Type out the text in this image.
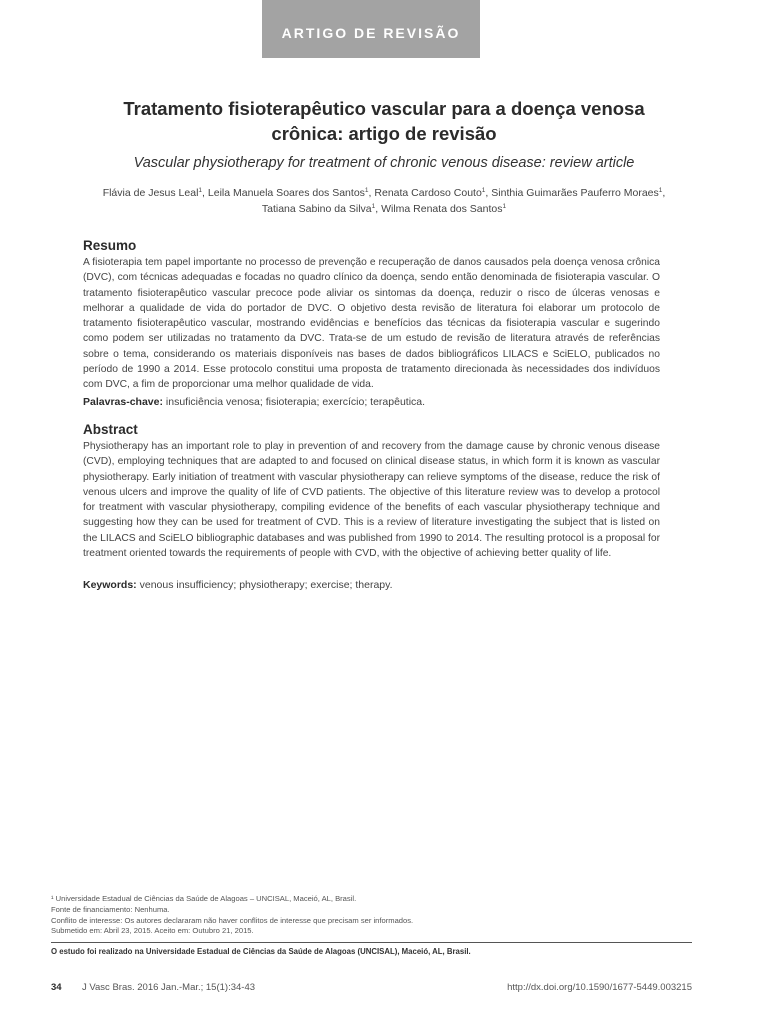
ARTIGO DE REVISÃO
Tratamento fisioterapêutico vascular para a doença venosa crônica: artigo de revisão
Vascular physiotherapy for treatment of chronic venous disease: review article
Flávia de Jesus Leal$^1$, Leila Manuela Soares dos Santos$^1$, Renata Cardoso Couto$^1$, Sinthia Guimarães Pauferro Moraes$^1$,
Tatiana Sabino da Silva$^1$, Wilma Renata dos Santos$^1$
Resumo

A fisioterapia tem papel importante no processo de prevenção e recuperação de danos causados pela doença venosa crônica (DVC), com técnicas adequadas e focadas no quadro clínico da doença, sendo então denominada de fisioterapia vascular. O tratamento fisioterapêutico vascular precoce pode aliviar os sintomas da doença, reduzir o risco de úlceras venosas e melhorar a qualidade de vida do portador de DVC. O objetivo desta revisão de literatura foi elaborar um protocolo de tratamento fisioterapêutico vascular, mostrando evidências e benefícios das técnicas da fisioterapia vascular e sugerindo como podem ser utilizadas no tratamento da DVC. Trata-se de um estudo de revisão de literatura através de referências sobre o tema, considerando os materiais disponíveis nas bases de dados bibliográficos LILACS e SciELO, publicados no período de 1990 a 2014. Esse protocolo constitui uma proposta de tratamento direcionada às necessidades dos indivíduos com DVC, a fim de proporcionar uma melhor qualidade de vida.

Palavras-chave: insuficiência venosa; fisioterapia; exercício; terapêutica.
Abstract

Physiotherapy has an important role to play in prevention of and recovery from the damage cause by chronic venous disease (CVD), employing techniques that are adapted to and focused on clinical disease status, in which form it is known as vascular physiotherapy. Early initiation of treatment with vascular physiotherapy can relieve symptoms of the disease, reduce the risk of venous ulcers and improve the quality of life of CVD patients. The objective of this literature review was to develop a protocol for treatment with vascular physiotherapy, compiling evidence of the benefits of each vascular physiotherapy technique and suggesting how they can be used for treatment of CVD. This is a review of literature investigating the subject that is listed on the LILACS and SciELO bibliographic databases and was published from 1990 to 2014. The resulting protocol is a proposal for treatment oriented towards the requirements of people with CVD, with the objective of achieving better quality of life.

Keywords: venous insufficiency; physiotherapy; exercise; therapy.
¹ Universidade Estadual de Ciências da Saúde de Alagoas – UNCISAL, Maceió, AL, Brasil.
Fonte de financiamento: Nenhuma.
Conflito de interesse: Os autores declararam não haver conflitos de interesse que precisam ser informados.
Submetido em: Abril 23, 2015. Aceito em: Outubro 21, 2015.
O estudo foi realizado na Universidade Estadual de Ciências da Saúde de Alagoas (UNCISAL), Maceió, AL, Brasil.
34 J Vasc Bras. 2016 Jan.-Mar.; 15(1):34-43	http://dx.doi.org/10.1590/1677-5449.003215
